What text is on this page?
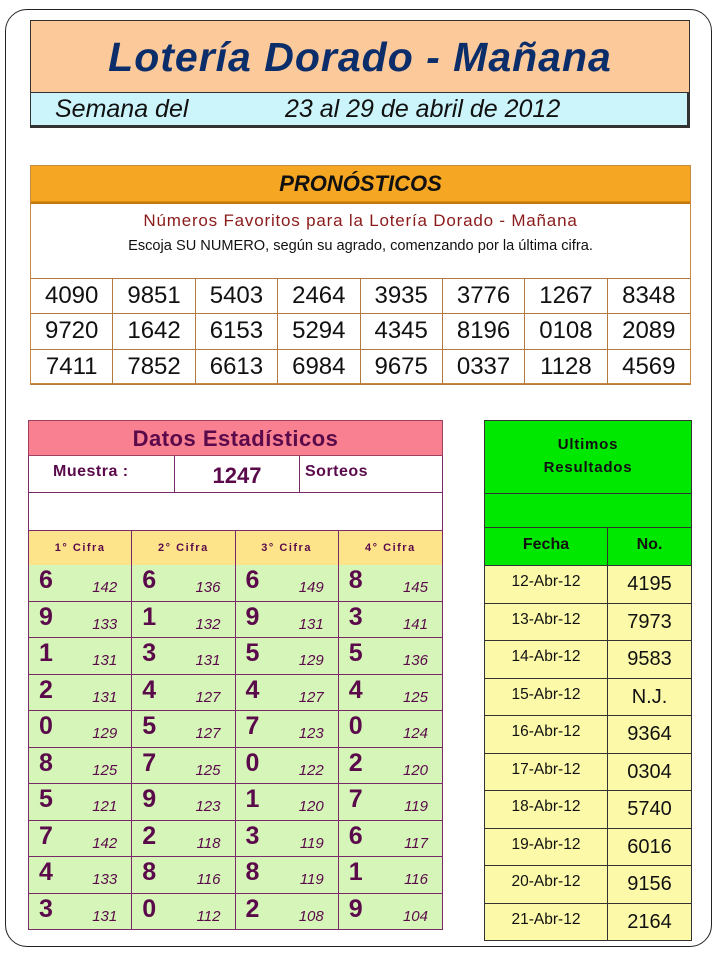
Lotería Dorado - Mañana
Semana del	23 al 29 de abril de 2012
PRONÓSTICOS
Números Favoritos para la Lotería Dorado - Mañana
Escoja SU NUMERO, según su agrado, comenzando por la última cifra.
4090	9851	5403	2464	3935	3776	1267	8348
9720	1642	6153	5294	4345	8196	0108	2089
7411	7852	6613	6984	9675	0337	1128	4569
Datos Estadísticos
Muestra :	1247	Sorteos
1° Cifra	2° Cifra	3° Cifra	4° Cifra
6	142 6	136 6	149 8	145
9	133 1	132 9	131 3	141
1	131 3	131 5	129 5	136
2	131 4	127 4	127 4	125
0	129 5	127 7	123 0	124
8	125 7	125 0	122 2	120
5	121 9	123 1	120 7	119
7	142 2	118 3	119 6	117
4	133 8	116 8	119 1	116
3	131 0	112 2	108 9	104
Ultimos
Resultados
Fecha	No.
12-Abr-12	4195
13-Abr-12	7973
14-Abr-12	9583
15-Abr-12	N.J.
16-Abr-12	9364
17-Abr-12	0304
18-Abr-12	5740
19-Abr-12	6016
20-Abr-12	9156
21-Abr-12	2164
